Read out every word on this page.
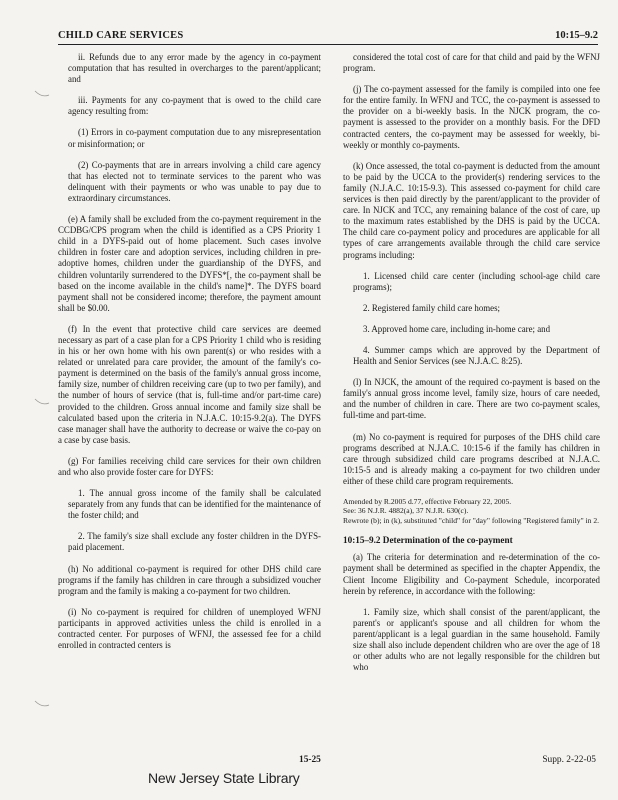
CHILD CARE SERVICES	10:15–9.2

ii. Refunds due to any error made by the agency in co-payment computation that has resulted in overcharges to the parent/applicant; and

iii. Payments for any co-payment that is owed to the child care agency resulting from:

(1) Errors in co-payment computation due to any misrepresentation or misinformation; or

(2) Co-payments that are in arrears involving a child care agency that has elected not to terminate services to the parent who was delinquent with their payments or who was unable to pay due to extraordinary circumstances.

(e) A family shall be excluded from the co-payment requirement in the CCDBG/CPS program when the child is identified as a CPS Priority 1 child in a DYFS-paid out of home placement. Such cases involve children in foster care and adoption services, including children in pre-adoptive homes, children under the guardianship of the DYFS, and children voluntarily surrendered to the DYFS*[, the co-payment shall be based on the income available in the child's name]*. The DYFS board payment shall not be considered income; therefore, the payment amount shall be $0.00.

(f) In the event that protective child care services are deemed necessary as part of a case plan for a CPS Priority 1 child who is residing in his or her own home with his own parent(s) or who resides with a related or unrelated para care provider, the amount of the family's co-payment is determined on the basis of the family's annual gross income, family size, number of children receiving care (up to two per family), and the number of hours of service (that is, full-time and/or part-time care) provided to the children. Gross annual income and family size shall be calculated based upon the criteria in N.J.A.C. 10:15-9.2(a). The DYFS case manager shall have the authority to decrease or waive the co-pay on a case by case basis.

(g) For families receiving child care services for their own children and who also provide foster care for DYFS:

1. The annual gross income of the family shall be calculated separately from any funds that can be identified for the maintenance of the foster child; and

2. The family's size shall exclude any foster children in the DYFS-paid placement.

(h) No additional co-payment is required for other DHS child care programs if the family has children in care through a subsidized voucher program and the family is making a co-payment for two children.

(i) No co-payment is required for children of unemployed WFNJ participants in approved activities unless the child is enrolled in a contracted center. For purposes of WFNJ, the assessed fee for a child enrolled in contracted centers is

considered the total cost of care for that child and paid by the WFNJ program.

(j) The co-payment assessed for the family is compiled into one fee for the entire family. In WFNJ and TCC, the co-payment is assessed to the provider on a bi-weekly basis. In the NJCK program, the co-payment is assessed to the provider on a monthly basis. For the DFD contracted centers, the co-payment may be assessed for weekly, bi-weekly or monthly co-payments.

(k) Once assessed, the total co-payment is deducted from the amount to be paid by the UCCA to the provider(s) rendering services to the family (N.J.A.C. 10:15-9.3). This assessed co-payment for child care services is then paid directly by the parent/applicant to the provider of care. In NJCK and TCC, any remaining balance of the cost of care, up to the maximum rates established by the DHS is paid by the UCCA. The child care co-payment policy and procedures are applicable for all types of care arrangements available through the child care service programs including:

1. Licensed child care center (including school-age child care programs);

2. Registered family child care homes;

3. Approved home care, including in-home care; and

4. Summer camps which are approved by the Department of Health and Senior Services (see N.J.A.C. 8:25).

(l) In NJCK, the amount of the required co-payment is based on the family's annual gross income level, family size, hours of care needed, and the number of children in care. There are two co-payment scales, full-time and part-time.

(m) No co-payment is required for purposes of the DHS child care programs described at N.J.A.C. 10:15-6 if the family has children in care through subsidized child care programs described at N.J.A.C. 10:15-5 and is already making a co-payment for two children under either of these child care program requirements.

Amended by R.2005 d.77, effective February 22, 2005.

See: 36 N.J.R. 4882(a), 37 N.J.R. 630(c).

Rewrote (b); in (k), substituted "child" for "day" following "Registered family" in 2.

10:15–9.2 Determination of the co-payment

(a) The criteria for determination and re-determination of the co-payment shall be determined as specified in the chapter Appendix, the Client Income Eligibility and Co-payment Schedule, incorporated herein by reference, in accordance with the following:

1. Family size, which shall consist of the parent/applicant, the parent's or applicant's spouse and all children for whom the parent/applicant is a legal guardian in the same household. Family size shall also include dependent children who are over the age of 18 or other adults who are not legally responsible for the children but who

15-25	Supp. 2-22-05
New Jersey State Library
